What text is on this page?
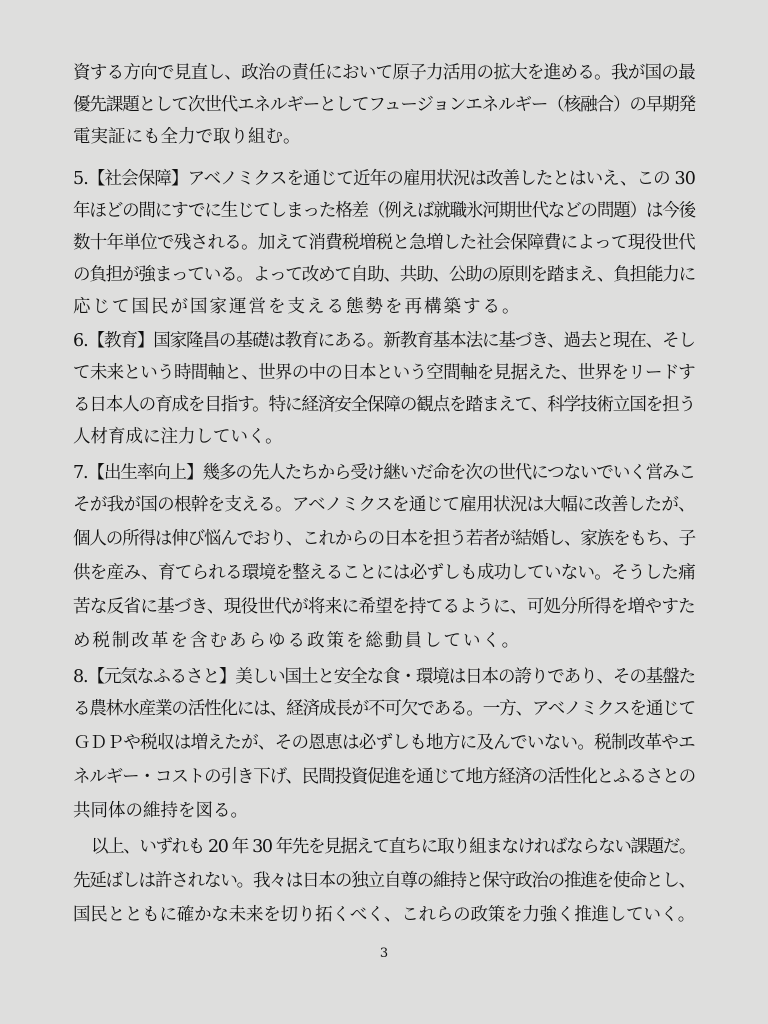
資する方向で見直し、政治の責任において原子力活用の拡大を進める。我が国の最
優先課題として次世代エネルギーとしてフュージョンエネルギー（核融合）の早期発
電実証にも全力で取り組む。
5.【社会保障】アベノミクスを通じて近年の雇用状況は改善したとはいえ、この 30
年ほどの間にすでに生じてしまった格差（例えば就職氷河期世代などの問題）は今後
数十年単位で残される。加えて消費税増税と急増した社会保障費によって現役世代
の負担が強まっている。よって改めて自助、共助、公助の原則を踏まえ、負担能力に
応じて国民が国家運営を支える態勢を再構築する。
6.【教育】国家隆昌の基礎は教育にある。新教育基本法に基づき、過去と現在、そし
て未来という時間軸と、世界の中の日本という空間軸を見据えた、世界をリードす
る日本人の育成を目指す。特に経済安全保障の観点を踏まえて、科学技術立国を担う
人材育成に注力していく。
7.【出生率向上】幾多の先人たちから受け継いだ命を次の世代につないでいく営みこ
そが我が国の根幹を支える。アベノミクスを通じて雇用状況は大幅に改善したが、
個人の所得は伸び悩んでおり、これからの日本を担う若者が結婚し、家族をもち、子
供を産み、育てられる環境を整えることには必ずしも成功していない。そうした痛
苦な反省に基づき、現役世代が将来に希望を持てるように、可処分所得を増やすた
め税制改革を含むあらゆる政策を総動員していく。
8.【元気なふるさと】美しい国土と安全な食・環境は日本の誇りであり、その基盤た
る農林水産業の活性化には、経済成長が不可欠である。一方、アベノミクスを通じて
ＧＤＰや税収は増えたが、その恩恵は必ずしも地方に及んでいない。税制改革やエ
ネルギー・コストの引き下げ、民間投資促進を通じて地方経済の活性化とふるさとの
共同体の維持を図る。
以上、いずれも 20 年 30 年先を見据えて直ちに取り組まなければならない課題だ。
先延ばしは許されない。我々は日本の独立自尊の維持と保守政治の推進を使命とし、
国民とともに確かな未来を切り拓くべく、これらの政策を力強く推進していく。
3
